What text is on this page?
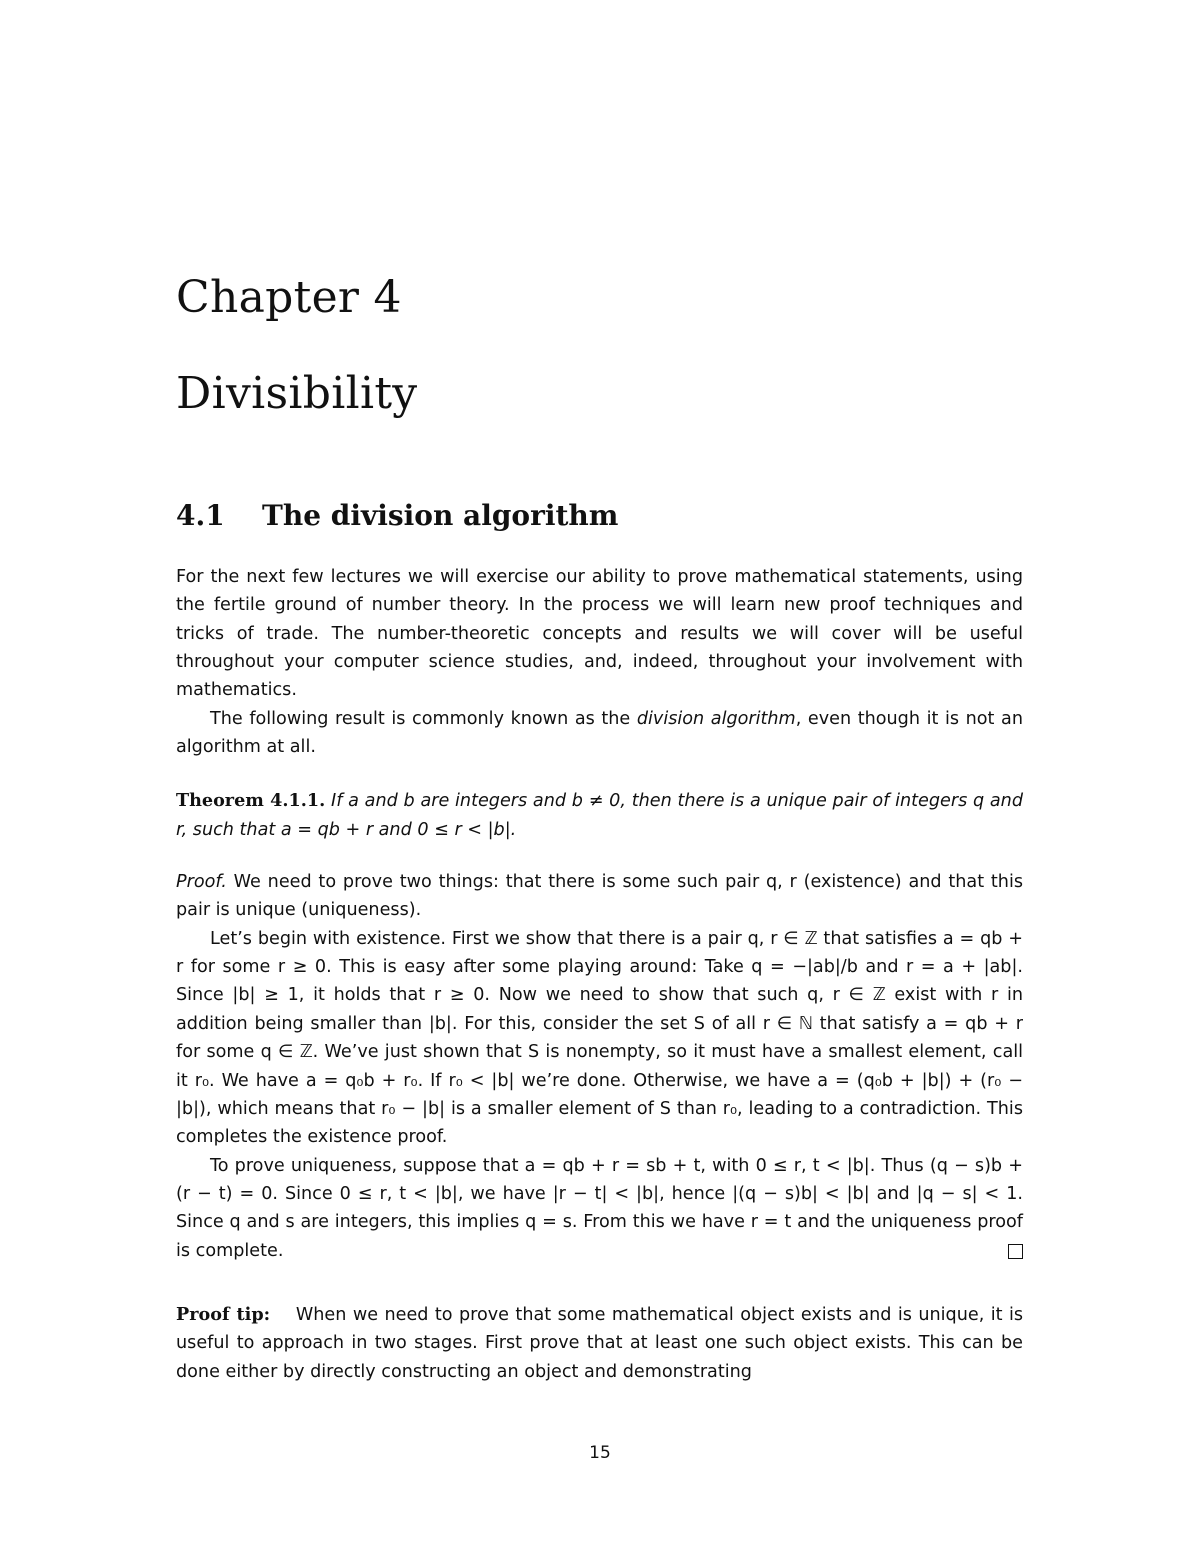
Chapter 4
Divisibility
4.1 The division algorithm

For the next few lectures we will exercise our ability to prove mathematical statements, using the fertile ground of number theory. In the process we will learn new proof techniques and tricks of trade. The number-theoretic concepts and results we will cover will be useful throughout your computer science studies, and, indeed, throughout your involvement with mathematics.

The following result is commonly known as the division algorithm, even though it is not an algorithm at all.

Theorem 4.1.1. If a and b are integers and b ≠ 0, then there is a unique pair of integers q and r, such that a = qb + r and 0 ≤ r < |b|.

Proof. We need to prove two things: that there is some such pair q, r (existence) and that this pair is unique (uniqueness).

Let’s begin with existence. First we show that there is a pair q, r ∈ ℤ that satisfies a = qb + r for some r ≥ 0. This is easy after some playing around: Take q = −|ab|/b and r = a + |ab|. Since |b| ≥ 1, it holds that r ≥ 0. Now we need to show that such q, r ∈ ℤ exist with r in addition being smaller than |b|. For this, consider the set S of all r ∈ ℕ that satisfy a = qb + r for some q ∈ ℤ. We’ve just shown that S is nonempty, so it must have a smallest element, call it r₀. We have a = q₀b + r₀. If r₀ < |b| we’re done. Otherwise, we have a = (q₀b + |b|) + (r₀ − |b|), which means that r₀ − |b| is a smaller element of S than r₀, leading to a contradiction. This completes the existence proof.

To prove uniqueness, suppose that a = qb + r = sb + t, with 0 ≤ r, t < |b|. Thus (q − s)b + (r − t) = 0. Since 0 ≤ r, t < |b|, we have |r − t| < |b|, hence |(q − s)b| < |b| and |q − s| < 1. Since q and s are integers, this implies q = s. From this we have r = t and the uniqueness proof is complete.

Proof tip: When we need to prove that some mathematical object exists and is unique, it is useful to approach in two stages. First prove that at least one such object exists. This can be done either by directly constructing an object and demonstrating

15
